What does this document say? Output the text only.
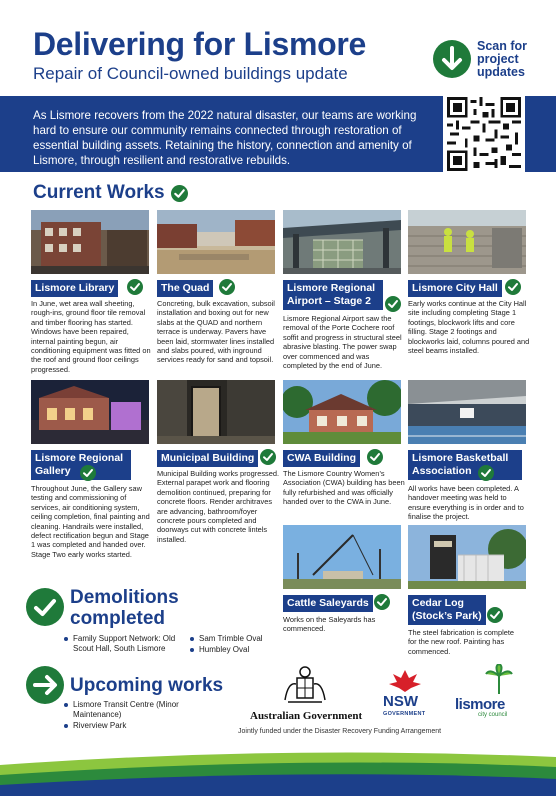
Delivering for Lismore
Repair of Council-owned buildings update
Scan for project updates
As Lismore recovers from the 2022 natural disaster, our teams are working hard to ensure our community remains connected through restoration of essential building assets. Retaining the history, connection and amenity of Lismore, through resilient and restorative rebuilds.
Current Works
Lismore Library
In June, wet area wall sheeting, rough-ins, ground floor tile removal and timber flooring has started. Windows have been repaired, internal painting begun, air conditioning equipment was fitted on the roof and ground floor ceilings progressed.
The Quad
Concreting, bulk excavation, subsoil installation and boxing out for new slabs at the QUAD and northern terrace is underway. Pavers have been laid, stormwater lines installed and slabs poured, with inground services ready for sand and topsoil.
Lismore Regional Airport – Stage 2
Lismore Regional Airport saw the removal of the Porte Cochere roof soffit and progress in structural steel abrasive blasting. The power swap over commenced and was completed by the end of June.
Lismore City Hall
Early works continue at the City Hall site including completing Stage 1 footings, blockwork lifts and core filling. Stage 2 footings and blockworks laid, columns poured and steel beams installed.
Lismore Regional Gallery
Throughout June, the Gallery saw testing and commissioning of services, air conditioning system, ceiling completion, final painting and cleaning. Handrails were installed, defect rectification begun and Stage 1 was completed and handed over. Stage Two early works started.
Municipal Building
Municipal Building works progressed. External parapet work and flooring demolition continued, preparing for concrete floors. Render architraves are advancing, bathroom/foyer concrete pours completed and doorways cut with concrete lintels installed.
CWA Building
The Lismore Country Women’s Association (CWA) building has been fully refurbished and was officially handed over to the CWA in June.
Lismore Basketball Association
All works have been completed. A handover meeting was held to ensure everything is in order and to finalise the project.
Cattle Saleyards
Works on the Saleyards has commenced.
Cedar Log (Stock’s Park)
The steel fabrication is complete for the new roof. Painting has commenced.
Demolitions completed
Family Support Network: Old Scout Hall, South Lismore
Sam Trimble Oval
Humbley Oval
Upcoming works
Lismore Transit Centre (Minor Maintenance)
Riverview Park
Australian Government
NSW
GOVERNMENT
lismore
city council
Jointly funded under the Disaster Recovery Funding Arrangement
